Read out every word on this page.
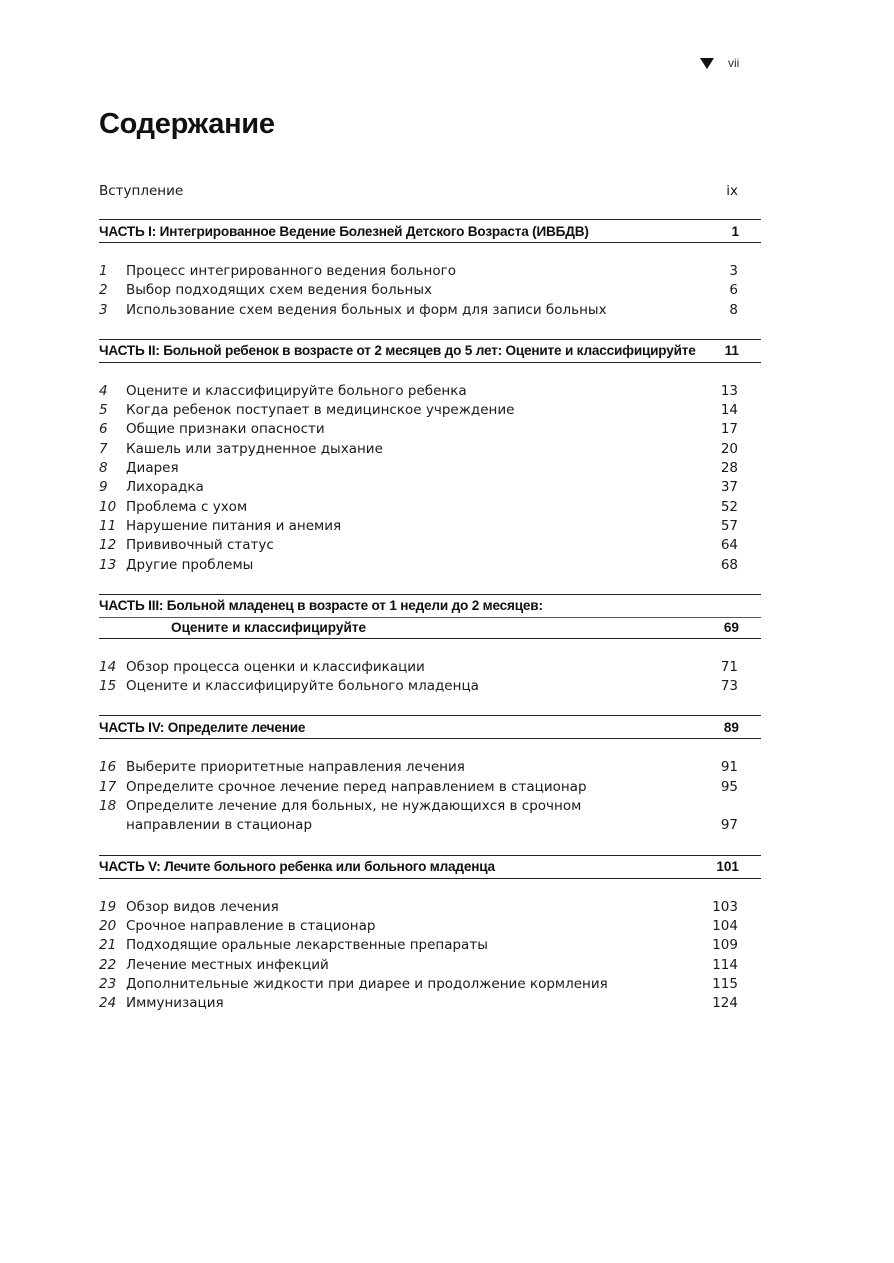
vii
Содержание
Вступление	ix
ЧАСТЬ I: Интегрированное Ведение Болезней Детского Возраста (ИВБДВ)	1
1	Процесс интегрированного ведения больного	3
2	Выбор подходящих схем ведения больных	6
3	Использование схем ведения больных и форм для записи больных	8
ЧАСТЬ II: Больной ребенок в возрасте от 2 месяцев до 5 лет: Оцените и классифицируйте 11
4	Оцените и классифицируйте больного ребенка	13
5	Когда ребенок поступает в медицинское учреждение	14
6	Общие признаки опасности	17
7	Кашель или затрудненное дыхание	20
8	Диарея	28
9	Лихорадка	37
10 Проблема с ухом	52
11 Нарушение питания и анемия	57
12 Прививочный статус	64
13 Другие проблемы	68
ЧАСТЬ III: Больной младенец в возрасте от 1 недели до 2 месяцев:
Оцените и классифицируйте	69
14 Обзор процесса оценки и классификации	71
15 Оцените и классифицируйте больного младенца	73
ЧАСТЬ IV: Определите лечение	89
16 Выберите приоритетные направления лечения	91
17 Определите срочное лечение перед направлением в стационар	95
18 Определите лечение для больных, не нуждающихся в срочном направлении в стационар	97
ЧАСТЬ V: Лечите больного ребенка или больного младенца	101
19 Обзор видов лечения	103
20 Срочное направление в стационар	104
21 Подходящие оральные лекарственные препараты	109
22 Лечение местных инфекций	114
23 Дополнительные жидкости при диарее и продолжение кормления	115
24 Иммунизация	124
